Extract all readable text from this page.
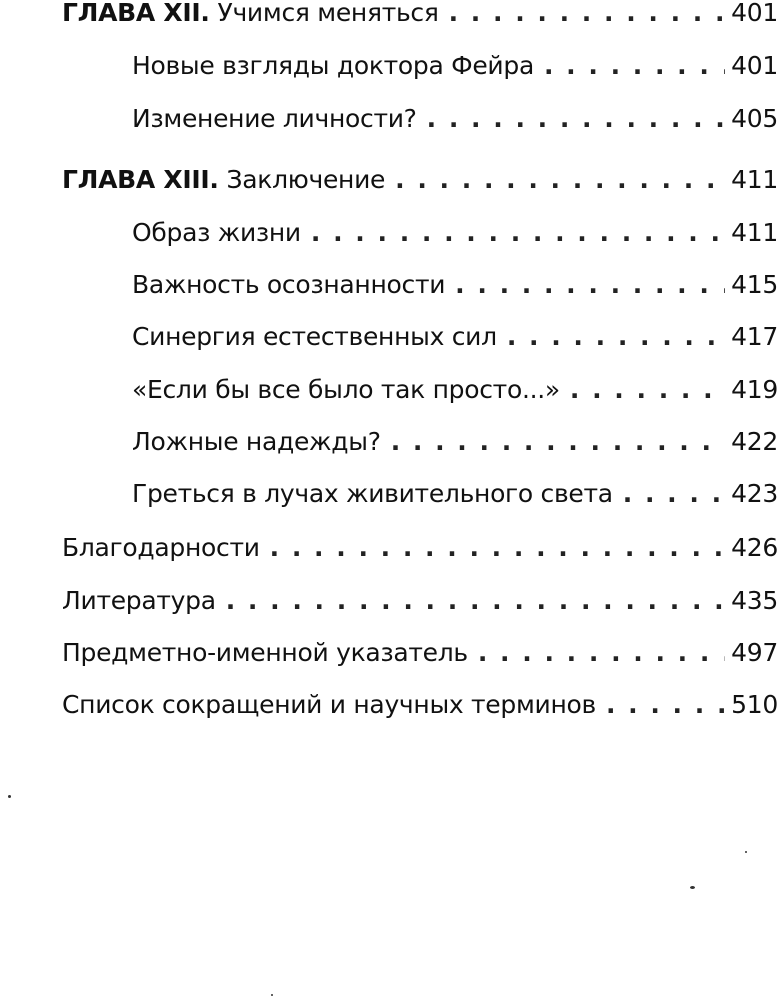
ГЛАВА XII. Учимся меняться . . .	401
Новые взгляды доктора Фейра . . .	401
Изменение личности? . . .	405
ГЛАВА XIII. Заключение . . .	411
Образ жизни . . .	411
Важность осознанности . . .	415
Синергия естественных сил . . .	417
«Если бы все было так просто...» . . .	419
Ложные надежды? . . .	422
Греться в лучах живительного света . . .	423
Благодарности . . .	426
Литература . . .	435
Предметно-именной указатель . . .	497
Список сокращений и научных терминов . . .	510
